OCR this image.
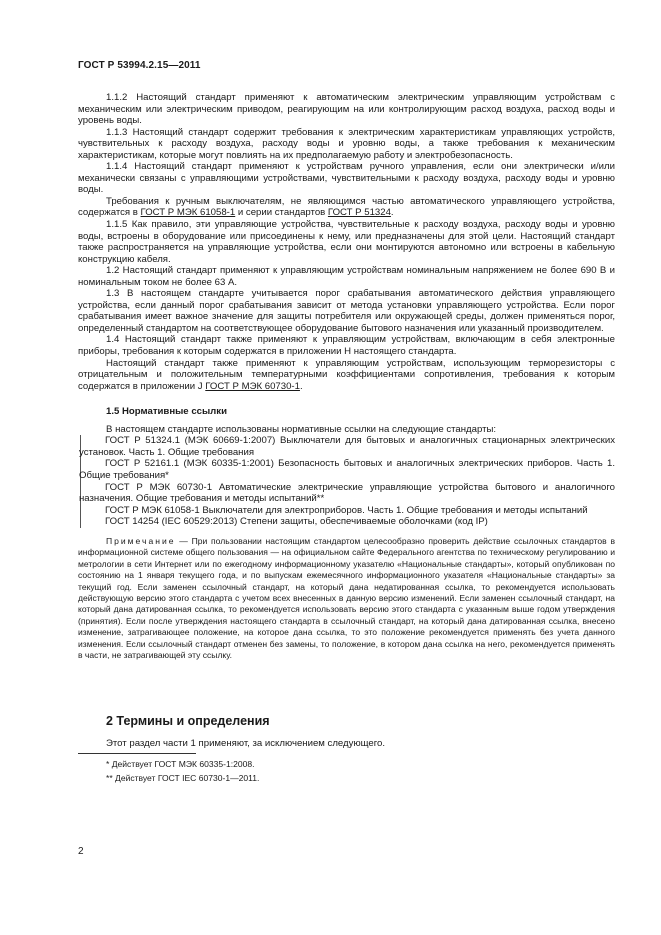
ГОСТ Р 53994.2.15—2011

1.1.2 Настоящий стандарт применяют к автоматическим электрическим управляющим устройствам с механическим или электрическим приводом, реагирующим на или контролирующим расход воздуха, расход воды и уровень воды.

1.1.3 Настоящий стандарт содержит требования к электрическим характеристикам управляющих устройств, чувствительных к расходу воздуха, расходу воды и уровню воды, а также требования к механическим характеристикам, которые могут повлиять на их предполагаемую работу и электробезопасность.

1.1.4 Настоящий стандарт применяют к устройствам ручного управления, если они электрически и/или механически связаны с управляющими устройствами, чувствительными к расходу воздуха, расходу воды и уровню воды.

Требования к ручным выключателям, не являющимся частью автоматического управляющего устройства, содержатся в ГОСТ Р МЭК 61058-1 и серии стандартов ГОСТ Р 51324.

1.1.5 Как правило, эти управляющие устройства, чувствительные к расходу воздуха, расходу воды и уровню воды, встроены в оборудование или присоединены к нему, или предназначены для этой цели. Настоящий стандарт также распространяется на управляющие устройства, если они монтируются автономно или встроены в кабельную конструкцию кабеля.

1.2 Настоящий стандарт применяют к управляющим устройствам номинальным напряжением не более 690 В и номинальным током не более 63 А.

1.3 В настоящем стандарте учитывается порог срабатывания автоматического действия управляющего устройства, если данный порог срабатывания зависит от метода установки управляющего устройства. Если порог срабатывания имеет важное значение для защиты потребителя или окружающей среды, должен применяться порог, определенный стандартом на соответствующее оборудование бытового назначения или указанный производителем.

1.4 Настоящий стандарт также применяют к управляющим устройствам, включающим в себя электронные приборы, требования к которым содержатся в приложении Н настоящего стандарта.

Настоящий стандарт также применяют к управляющим устройствам, использующим терморезисторы с отрицательным и положительным температурными коэффициентами сопротивления, требования к которым содержатся в приложении J ГОСТ Р МЭК 60730-1.

1.5 Нормативные ссылки

В настоящем стандарте использованы нормативные ссылки на следующие стандарты:

ГОСТ Р 51324.1 (МЭК 60669-1:2007) Выключатели для бытовых и аналогичных стационарных электрических установок. Часть 1. Общие требования

ГОСТ Р 52161.1 (МЭК 60335-1:2001) Безопасность бытовых и аналогичных электрических приборов. Часть 1. Общие требования*

ГОСТ Р МЭК 60730-1 Автоматические электрические управляющие устройства бытового и аналогичного назначения. Общие требования и методы испытаний**

ГОСТ Р МЭК 61058-1 Выключатели для электроприборов. Часть 1. Общие требования и методы испытаний

ГОСТ 14254 (IEC 60529:2013) Степени защиты, обеспечиваемые оболочками (код IP)

Примечание — При пользовании настоящим стандартом целесообразно проверить действие ссылочных стандартов в информационной системе общего пользования — на официальном сайте Федерального агентства по техническому регулированию и метрологии в сети Интернет или по ежегодному информационному указателю «Национальные стандарты», который опубликован по состоянию на 1 января текущего года, и по выпускам ежемесячного информационного указателя «Национальные стандарты» за текущий год. Если заменен ссылочный стандарт, на который дана недатированная ссылка, то рекомендуется использовать действующую версию этого стандарта с учетом всех внесенных в данную версию изменений. Если заменен ссылочный стандарт, на который дана датированная ссылка, то рекомендуется использовать версию этого стандарта с указанным выше годом утверждения (принятия). Если после утверждения настоящего стандарта в ссылочный стандарт, на который дана датированная ссылка, внесено изменение, затрагивающее положение, на которое дана ссылка, то это положение рекомендуется применять без учета данного изменения. Если ссылочный стандарт отменен без замены, то положение, в котором дана ссылка на него, рекомендуется применять в части, не затрагивающей эту ссылку.

2 Термины и определения
Этот раздел части 1 применяют, за исключением следующего.
* Действует ГОСТ МЭК 60335-1:2008.
** Действует ГОСТ IEC 60730-1—2011.
2
